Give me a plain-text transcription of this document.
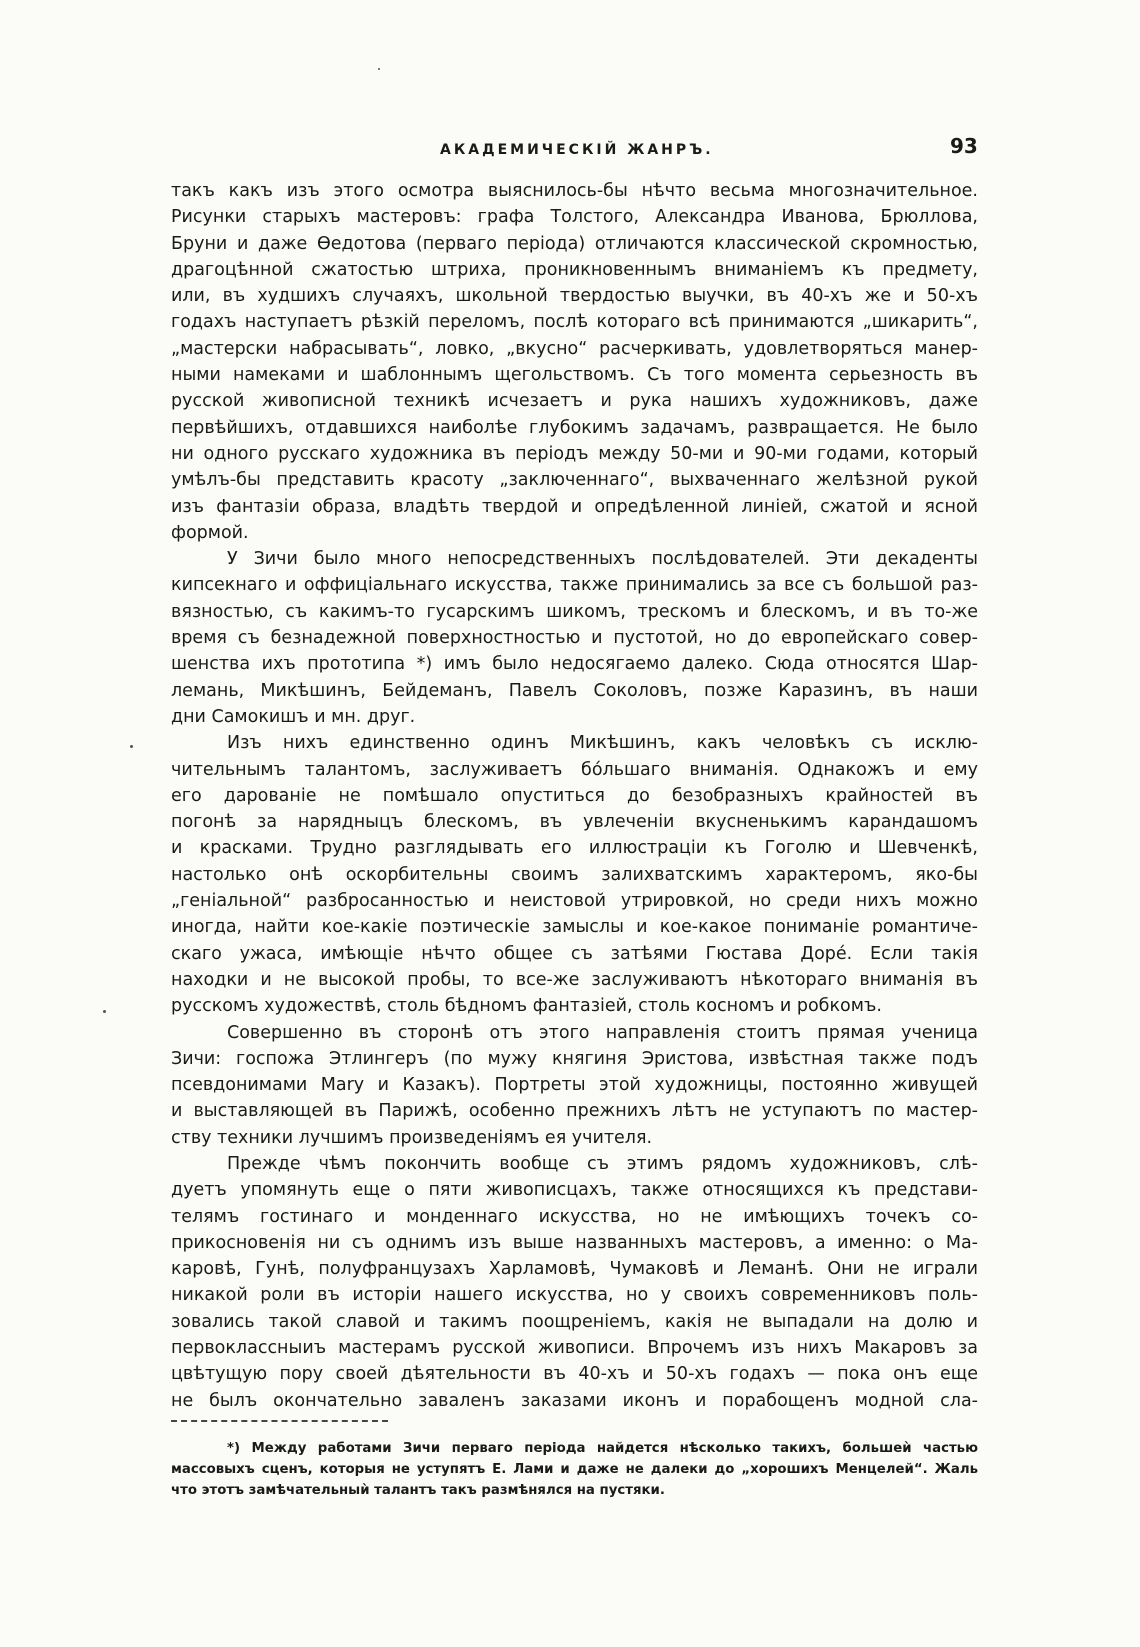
АКАДЕМИЧЕСКІЙ ЖАНРЪ.	93
такъ какъ изъ этого осмотра выяснилось-бы нѣчто весьма многозначительное.
Рисунки старыхъ мастеровъ: графа Толстого, Александра Иванова, Брюллова,
Бруни и даже Ѳедотова (перваго періода) отличаются классической скромностью,
драгоцѣнной сжатостью штриха, проникновеннымъ вниманіемъ къ предмету,
или, въ худшихъ случаяхъ, школьной твердостью выучки, въ 40-хъ же и 50-хъ
годахъ наступаетъ рѣзкій переломъ, послѣ котораго всѣ принимаются „шикарить“,
„мастерски набрасывать“, ловко, „вкусно“ расчеркивать, удовлетворяться манер-
ными намеками и шаблоннымъ щегольствомъ. Съ того момента серьезность въ
русской живописной техникѣ исчезаетъ и рука нашихъ художниковъ, даже
первѣйшихъ, отдавшихся наиболѣе глубокимъ задачамъ, развращается. Не было
ни одного русскаго художника въ періодъ между 50-ми и 90-ми годами, который
умѣлъ-бы представить красоту „заключеннаго“, выхваченнаго желѣзной рукой
изъ фантазіи образа, владѣть твердой и опредѣленной линіей, сжатой и ясной
формой.
У Зичи было много непосредственныхъ послѣдователей. Эти декаденты
кипсекнаго и оффиціальнаго искусства, также принимались за все съ большой раз-
вязностью, съ какимъ-то гусарскимъ шикомъ, трескомъ и блескомъ, и въ то-же
время съ безнадежной поверхностностью и пустотой, но до европейскаго совер-
шенства ихъ прототипа *) имъ было недосягаемо далеко. Сюда относятся Шар-
лемань, Микѣшинъ, Бейдеманъ, Павелъ Соколовъ, позже Каразинъ, въ наши
дни Самокишъ и мн. друг.
Изъ нихъ единственно одинъ Микѣшинъ, какъ человѣкъ съ исклю-
чительнымъ талантомъ, заслуживаетъ бóльшаго вниманія. Однакожъ и ему
его дарованіе не помѣшало опуститься до безобразныхъ крайностей въ
погонѣ за нарядныцъ блескомъ, въ увлеченіи вкусненькимъ карандашомъ
и красками. Трудно разглядывать его иллюстраціи къ Гоголю и Шевченкѣ,
настолько онѣ оскорбительны своимъ залихватскимъ характеромъ, яко-бы
„геніальной“ разбросанностью и неистовой утрировкой, но среди нихъ можно
иногда, найти кое-какіе поэтическіе замыслы и кое-какое пониманіе романтиче-
скаго ужаса, имѣющіе нѣчто общее съ затѣями Гюстава Доре́. Если такія
находки и не высокой пробы, то все-же заслуживаютъ нѣкотораго вниманія въ
русскомъ художествѣ, столь бѣдномъ фантазіей, столь косномъ и робкомъ.
Совершенно въ сторонѣ отъ этого направленія стоитъ прямая ученица
Зичи: госпожа Этлингеръ (по мужу княгиня Эристова, извѣстная также подъ
псевдонимами Mary и Казакъ). Портреты этой художницы, постоянно живущей
и выставляющей въ Парижѣ, особенно прежнихъ лѣтъ не уступаютъ по мастер-
ству техники лучшимъ произведеніямъ ея учителя.
Прежде чѣмъ покончить вообще съ этимъ рядомъ художниковъ, слѣ-
дуетъ упомянуть еще о пяти живописцахъ, также относящихся къ представи-
телямъ гостинаго и монденнаго искусства, но не имѣющихъ точекъ со-
прикосновенія ни съ однимъ изъ выше названныхъ мастеровъ, а именно: о Ма-
каровѣ, Гунѣ, полуфранцузахъ Харламовѣ, Чумаковѣ и Леманѣ. Они не играли
никакой роли въ исторіи нашего искусства, но у своихъ современниковъ поль-
зовались такой славой и такимъ поощреніемъ, какія не выпадали на долю и
первоклассныиъ мастерамъ русской живописи. Впрочемъ изъ нихъ Макаровъ за
цвѣтущую пору своей дѣятельности въ 40-хъ и 50-хъ годахъ — пока онъ еще
не былъ окончательно заваленъ заказами иконъ и порабощенъ модной сла-
*) Между работами Зичи перваго періода найдется нѣсколько такихъ, большеѝ частью
массовыхъ сценъ, которыя не уступятъ Е. Лами и даже не далеки до „хорошихъ Менцелей“. Жаль
что этотъ замѣчательныѝ талантъ такъ размѣнялся на пустяки.
